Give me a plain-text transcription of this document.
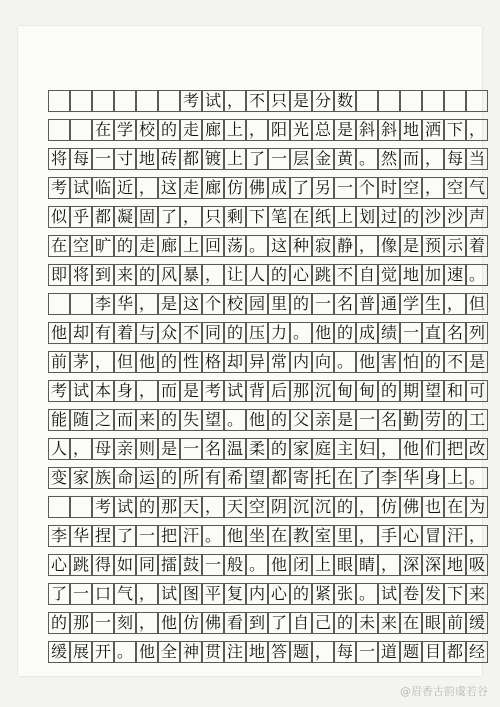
考 试 ， 不 只 是 分 数
在 学 校 的 走 廊 上 ， 阳 光 总 是 斜 斜 地 洒 下 ，
将 每 一 寸 地 砖 都 镀 上 了 一 层 金 黄 。 然 而 ， 每 当
考 试 临 近 ， 这 走 廊 仿 佛 成 了 另 一 个 时 空 ， 空 气
似 乎 都 凝 固 了 ， 只 剩 下 笔 在 纸 上 划 过 的 沙 沙 声
在 空 旷 的 走 廊 上 回 荡 。 这 种 寂 静 ， 像 是 预 示 着
即 将 到 来 的 风 暴 ， 让 人 的 心 跳 不 自 觉 地 加 速 。
李 华 ， 是 这 个 校 园 里 的 一 名 普 通 学 生 ， 但
他 却 有 着 与 众 不 同 的 压 力 。 他 的 成 绩 一 直 名 列
前 茅 ， 但 他 的 性 格 却 异 常 内 向 。 他 害 怕 的 不 是
考 试 本 身 ， 而 是 考 试 背 后 那 沉 甸 甸 的 期 望 和 可
能 随 之 而 来 的 失 望 。 他 的 父 亲 是 一 名 勤 劳 的 工
人 ， 母 亲 则 是 一 名 温 柔 的 家 庭 主 妇 ， 他 们 把 改
变 家 族 命 运 的 所 有 希 望 都 寄 托 在 了 李 华 身 上 。
考 试 的 那 天 ， 天 空 阴 沉 沉 的 ， 仿 佛 也 在 为
李 华 捏 了 一 把 汗 。 他 坐 在 教 室 里 ， 手 心 冒 汗 ，
心 跳 得 如 同 擂 鼓 一 般 。 他 闭 上 眼 睛 ， 深 深 地 吸
了 一 口 气 ， 试 图 平 复 内 心 的 紧 张 。 试 卷 发 下 来
的 那 一 刻 ， 他 仿 佛 看 到 了 自 己 的 未 来 在 眼 前 缓
缓 展 开 。 他 全 神 贯 注 地 答 题 ， 每 一 道 题 目 都 经
@眉香古韵虞若谷
